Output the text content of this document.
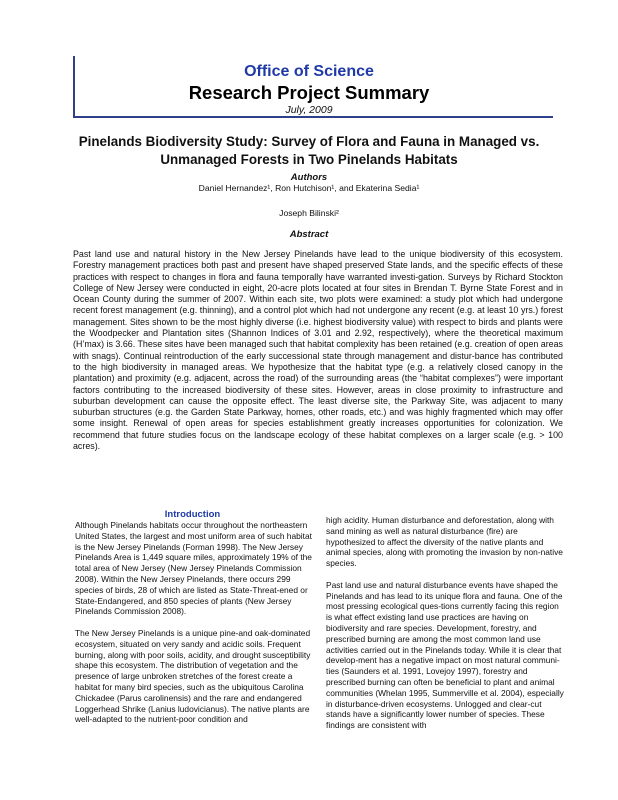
Office of Science
Research Project Summary
July, 2009
Pinelands Biodiversity Study: Survey of Flora and Fauna in Managed vs. Unmanaged Forests in Two Pinelands Habitats
Authors
Daniel Hernandez¹, Ron Hutchison¹, and Ekaterina Sedia¹
Joseph Bilinski²
Abstract
Past land use and natural history in the New Jersey Pinelands have lead to the unique biodiversity of this ecosystem. Forestry management practices both past and present have shaped preserved State lands, and the specific effects of these practices with respect to changes in flora and fauna temporally have warranted investi-gation. Surveys by Richard Stockton College of New Jersey were conducted in eight, 20-acre plots located at four sites in Brendan T. Byrne State Forest and in Ocean County during the summer of 2007. Within each site, two plots were examined: a study plot which had undergone recent forest management (e.g. thinning), and a control plot which had not undergone any recent (e.g. at least 10 yrs.) forest management. Sites shown to be the most highly diverse (i.e. highest biodiversity value) with respect to birds and plants were the Woodpecker and Plantation sites (Shannon Indices of 3.01 and 2.92, respectively), where the theoretical maximum (H’max) is 3.66. These sites have been managed such that habitat complexity has been retained (e.g. creation of open areas with snags). Continual reintroduction of the early successional state through management and distur-bance has contributed to the high biodiversity in managed areas. We hypothesize that the habitat type (e.g. a relatively closed canopy in the plantation) and proximity (e.g. adjacent, across the road) of the surrounding areas (the “habitat complexes”) were important factors contributing to the increased biodiversity of these sites. However, areas in close proximity to infrastructure and suburban development can cause the opposite effect. The least diverse site, the Parkway Site, was adjacent to many suburban structures (e.g. the Garden State Parkway, homes, other roads, etc.) and was highly fragmented which may offer some insight. Renewal of open areas for species establishment greatly increases opportunities for colonization. We recommend that future studies focus on the landscape ecology of these habitat complexes on a larger scale (e.g. > 100 acres).
Introduction

Although Pinelands habitats occur throughout the northeastern United States, the largest and most uniform area of such habitat is the New Jersey Pinelands (Forman 1998). The New Jersey Pinelands Area is 1,449 square miles, approximately 19% of the total area of New Jersey (New Jersey Pinelands Commission 2008). Within the New Jersey Pinelands, there occurs 299 species of birds, 28 of which are listed as State-Threat-ened or State-Endangered, and 850 species of plants (New Jersey Pinelands Commission 2008).

The New Jersey Pinelands is a unique pine-and oak-dominated ecosystem, situated on very sandy and acidic soils. Frequent burning, along with poor soils, acidity, and drought susceptibility shape this ecosystem. The distribution of vegetation and the presence of large unbroken stretches of the forest create a habitat for many bird species, such as the ubiquitous Carolina Chickadee (Parus carolinensis) and the rare and endangered Loggerhead Shrike (Lanius ludovicianus). The native plants are well-adapted to the nutrient-poor condition and

high acidity. Human disturbance and deforestation, along with sand mining as well as natural disturbance (fire) are hypothesized to affect the diversity of the native plants and animal species, along with promoting the invasion by non-native species.

Past land use and natural disturbance events have shaped the Pinelands and has lead to its unique flora and fauna. One of the most pressing ecological ques-tions currently facing this region is what effect existing land use practices are having on biodiversity and rare species. Development, forestry, and prescribed burning are among the most common land use activities carried out in the Pinelands today. While it is clear that develop-ment has a negative impact on most natural communi-ties (Saunders et al. 1991, Lovejoy 1997), forestry and prescribed burning can often be beneficial to plant and animal communities (Whelan 1995, Summerville et al. 2004), especially in disturbance-driven ecosystems. Unlogged and clear-cut stands have a significantly lower number of species. These findings are consistent with
